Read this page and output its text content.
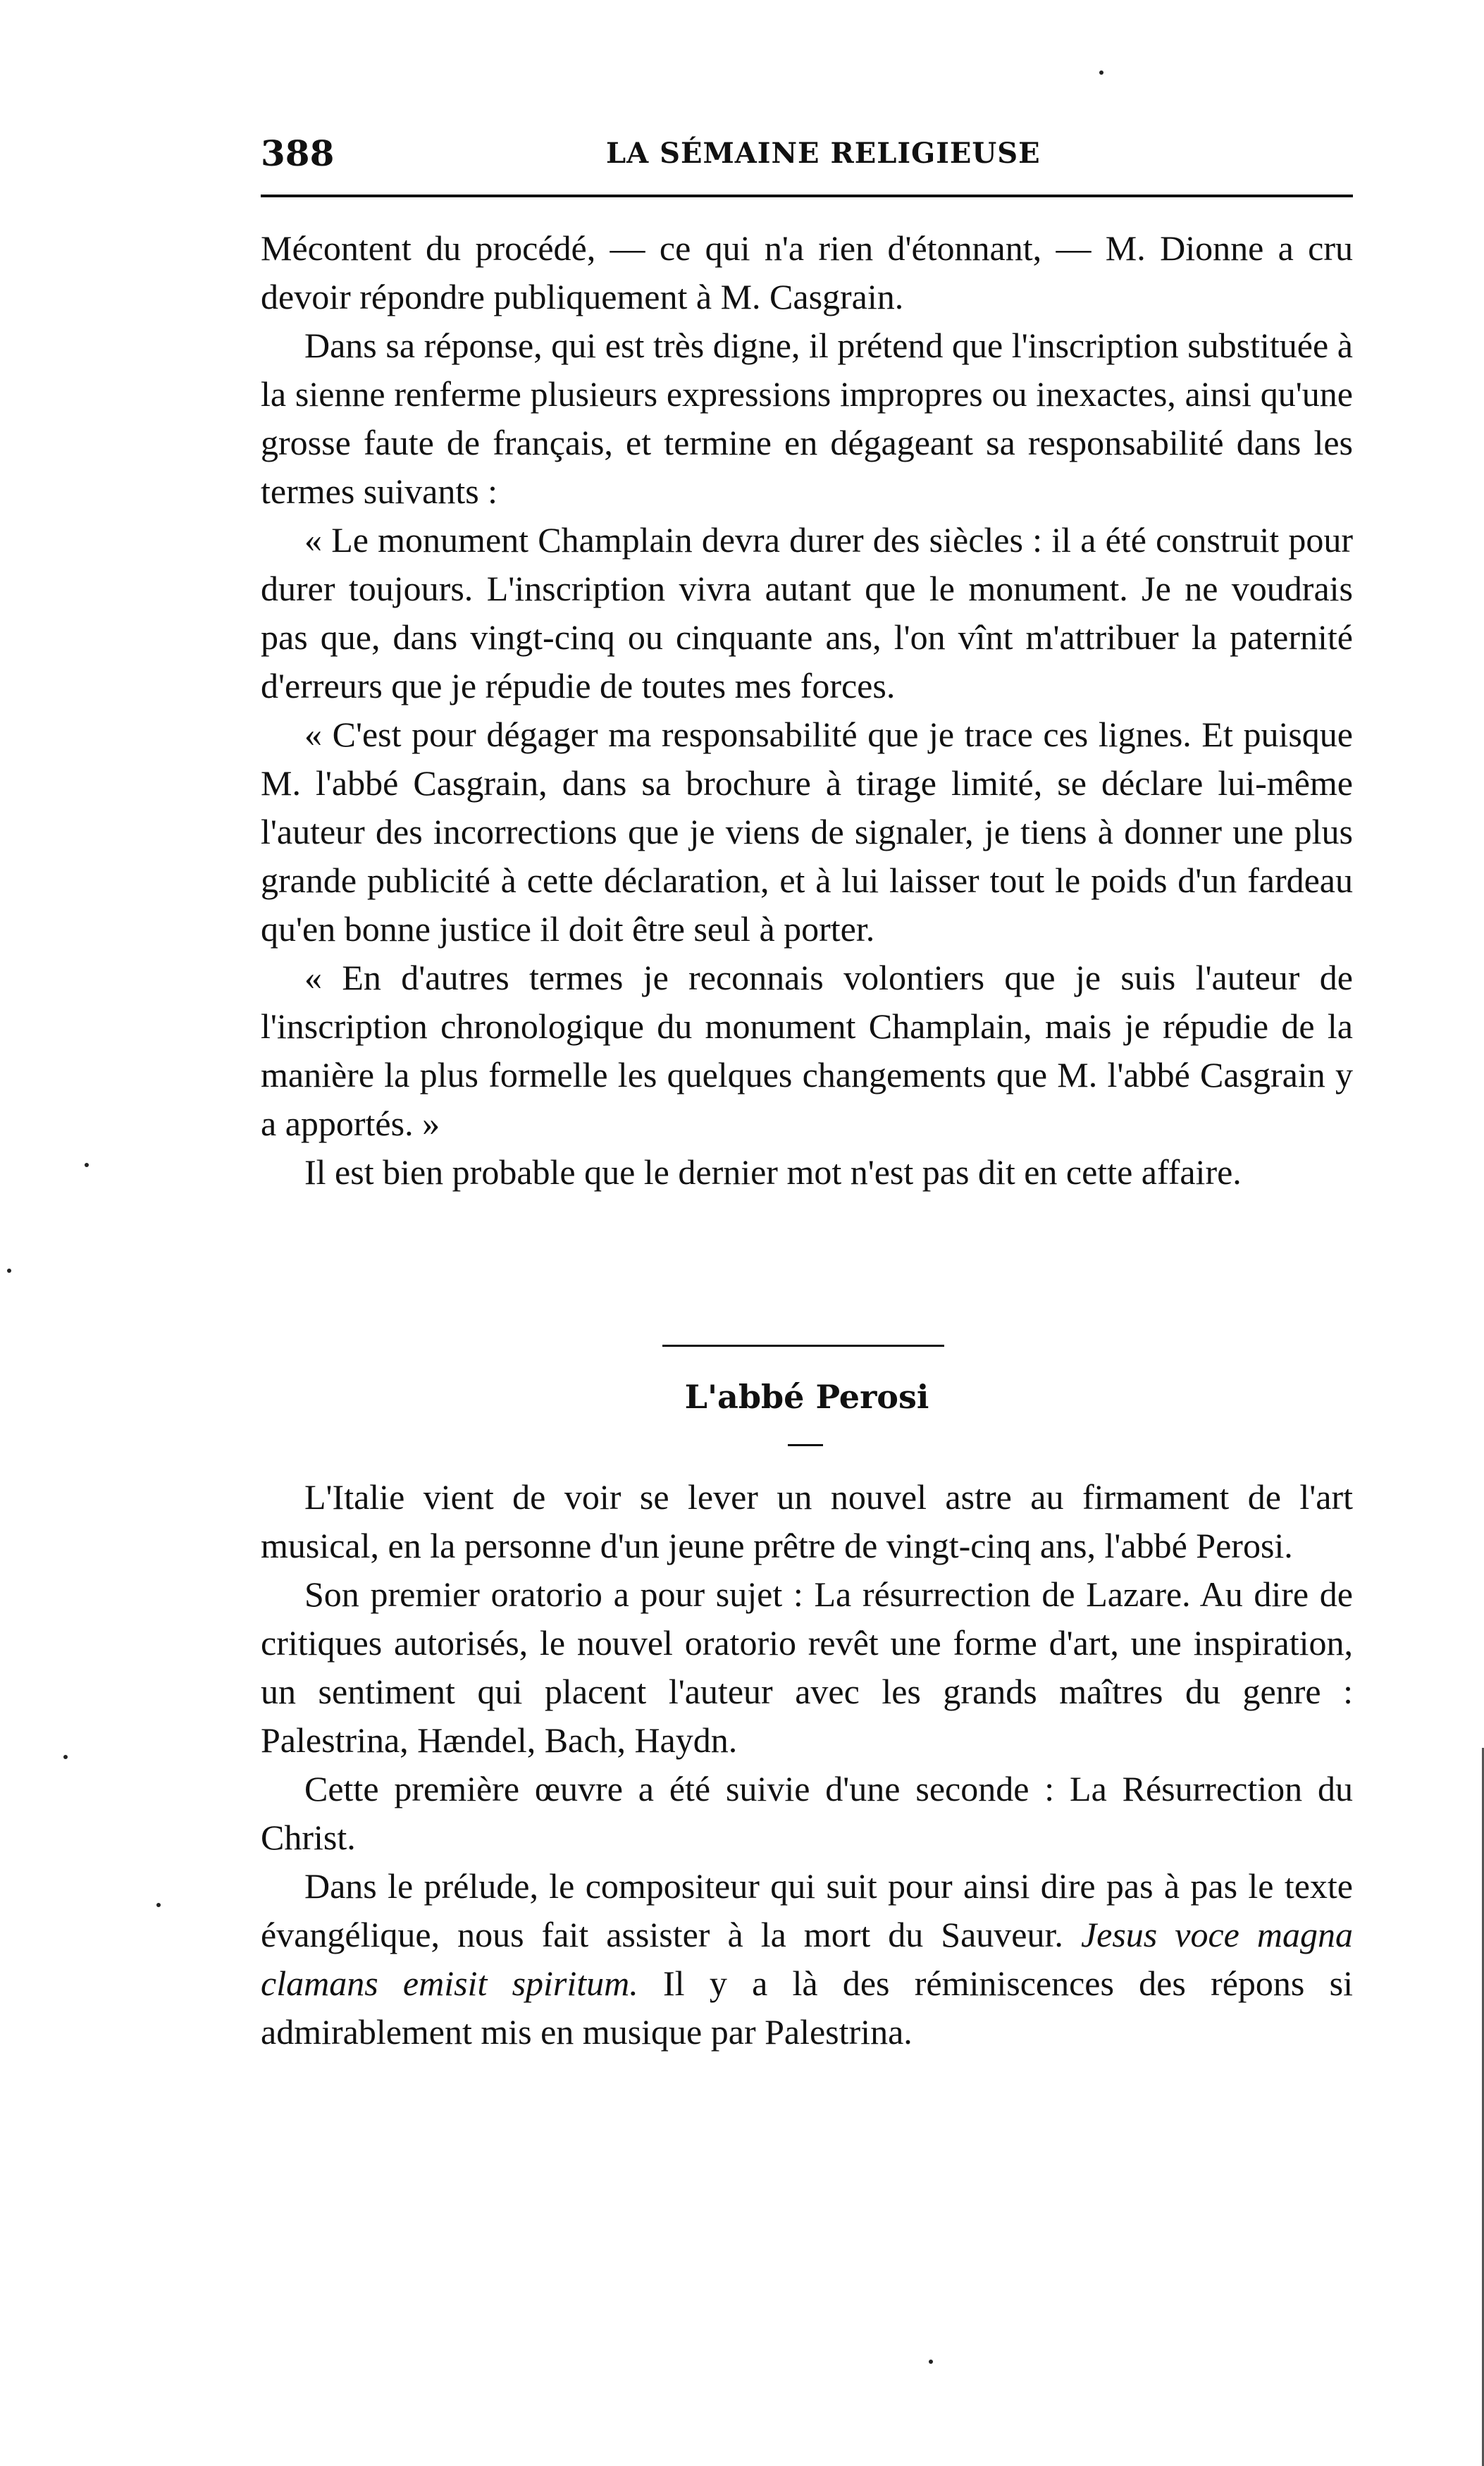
388	LA SÉMAINE RELIGIEUSE

Mécontent du procédé, — ce qui n'a rien d'étonnant, — M. Dionne a cru devoir répondre publiquement à M. Casgrain.

Dans sa réponse, qui est très digne, il prétend que l'inscription substituée à la sienne renferme plusieurs expressions impropres ou inexactes, ainsi qu'une grosse faute de français, et termine en dégageant sa responsabilité dans les termes suivants :

« Le monument Champlain devra durer des siècles : il a été construit pour durer toujours. L'inscription vivra autant que le monument. Je ne voudrais pas que, dans vingt-cinq ou cinquante ans, l'on vînt m'attribuer la paternité d'erreurs que je répudie de toutes mes forces.

« C'est pour dégager ma responsabilité que je trace ces lignes. Et puisque M. l'abbé Casgrain, dans sa brochure à tirage limité, se déclare lui-même l'auteur des incorrections que je viens de signaler, je tiens à donner une plus grande publicité à cette déclaration, et à lui laisser tout le poids d'un fardeau qu'en bonne justice il doit être seul à porter.

« En d'autres termes je reconnais volontiers que je suis l'auteur de l'inscription chronologique du monument Champlain, mais je répudie de la manière la plus formelle les quelques changements que M. l'abbé Casgrain y a apportés. »

Il est bien probable que le dernier mot n'est pas dit en cette affaire.

L'abbé Perosi

L'Italie vient de voir se lever un nouvel astre au firmament de l'art musical, en la personne d'un jeune prêtre de vingt-cinq ans, l'abbé Perosi.

Son premier oratorio a pour sujet : La résurrection de Lazare. Au dire de critiques autorisés, le nouvel oratorio revêt une forme d'art, une inspiration, un sentiment qui placent l'auteur avec les grands maîtres du genre : Palestrina, Hændel, Bach, Haydn.

Cette première œuvre a été suivie d'une seconde : La Résurrection du Christ.

Dans le prélude, le compositeur qui suit pour ainsi dire pas à pas le texte évangélique, nous fait assister à la mort du Sauveur. Jesus voce magna clamans emisit spiritum. Il y a là des réminiscences des répons si admirablement mis en musique par Palestrina.
